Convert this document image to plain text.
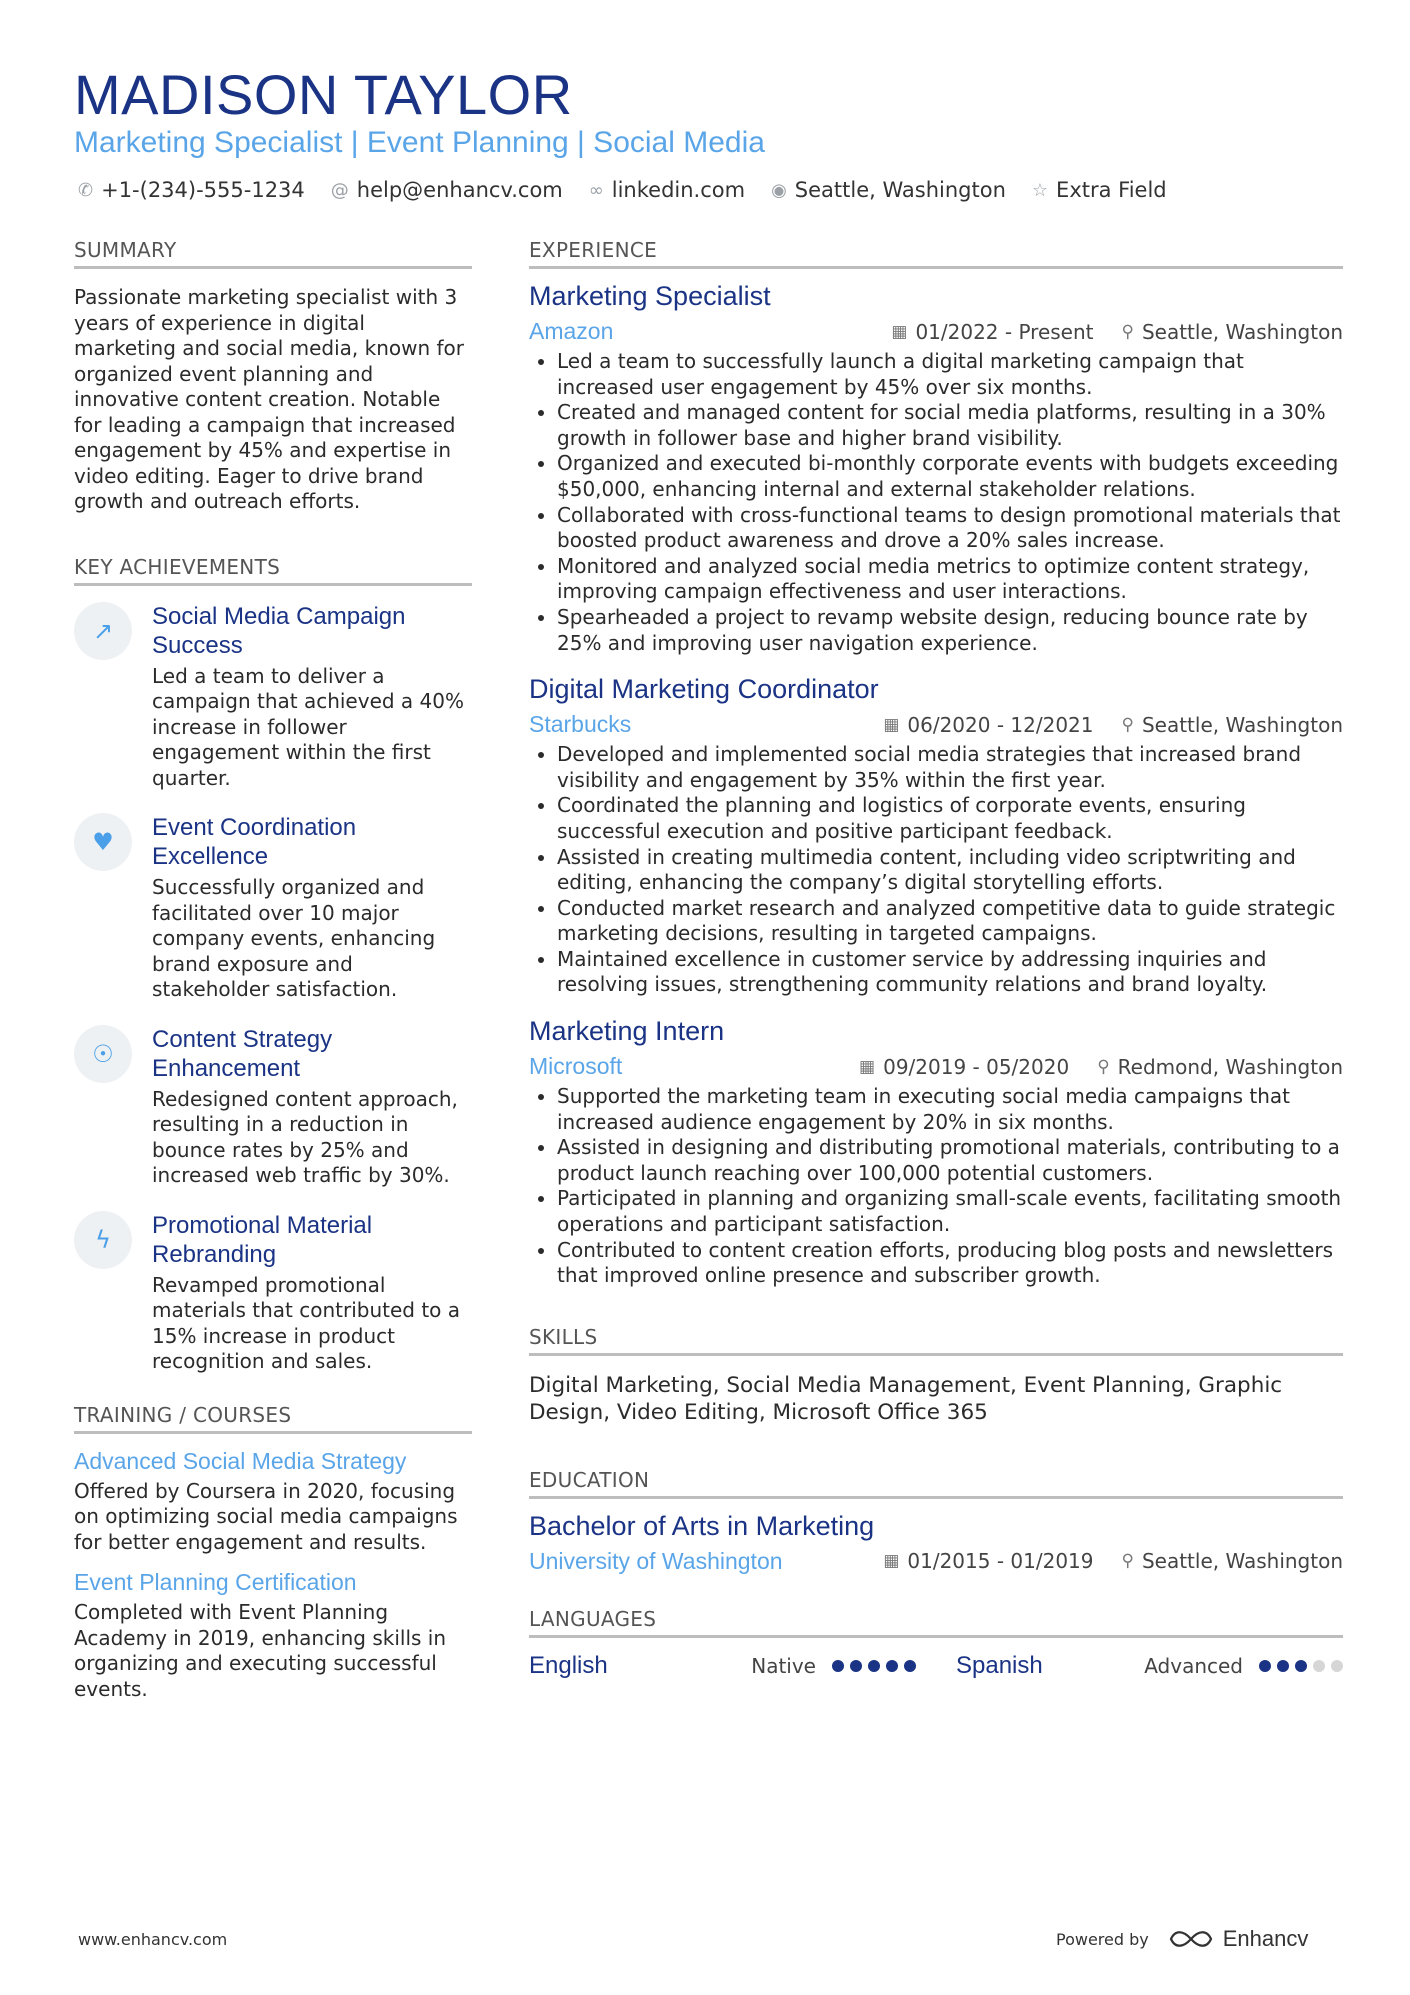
MADISON TAYLOR
Marketing Specialist | Event Planning | Social Media
✆ +1-(234)-555-1234 @ help@enhancv.com ∞ linkedin.com ◉ Seattle, Washington ☆ Extra Field
SUMMARY

Passionate marketing specialist with 3 years of experience in digital marketing and social media, known for organized event planning and innovative content creation. Notable for leading a campaign that increased engagement by 45% and expertise in video editing. Eager to drive brand growth and outreach efforts.

KEY ACHIEVEMENTS
↗
Social Media Campaign Success
Led a team to deliver a campaign that achieved a 40% increase in follower engagement within the first quarter.
♥
Event Coordination Excellence
Successfully organized and facilitated over 10 major company events, enhancing brand exposure and stakeholder satisfaction.
☉
Content Strategy Enhancement
Redesigned content approach, resulting in a reduction in bounce rates by 25% and increased web traffic by 30%.
ϟ
Promotional Material Rebranding
Revamped promotional materials that contributed to a 15% increase in product recognition and sales.
TRAINING / COURSES
Advanced Social Media Strategy
Offered by Coursera in 2020, focusing on optimizing social media campaigns for better engagement and results.
Event Planning Certification
Completed with Event Planning Academy in 2019, enhancing skills in organizing and executing successful events.
EXPERIENCE
Marketing Specialist
Amazon	▦ 01/2022 - Present ⚲ Seattle, Washington
• Led a team to successfully launch a digital marketing campaign that increased user engagement by 45% over six months.
• Created and managed content for social media platforms, resulting in a 30% growth in follower base and higher brand visibility.
• Organized and executed bi-monthly corporate events with budgets exceeding $50,000, enhancing internal and external stakeholder relations.
• Collaborated with cross-functional teams to design promotional materials that boosted product awareness and drove a 20% sales increase.
• Monitored and analyzed social media metrics to optimize content strategy, improving campaign effectiveness and user interactions.
• Spearheaded a project to revamp website design, reducing bounce rate by 25% and improving user navigation experience.
Digital Marketing Coordinator
Starbucks	▦ 06/2020 - 12/2021 ⚲ Seattle, Washington
• Developed and implemented social media strategies that increased brand visibility and engagement by 35% within the first year.
• Coordinated the planning and logistics of corporate events, ensuring successful execution and positive participant feedback.
• Assisted in creating multimedia content, including video scriptwriting and editing, enhancing the company’s digital storytelling efforts.
• Conducted market research and analyzed competitive data to guide strategic marketing decisions, resulting in targeted campaigns.
• Maintained excellence in customer service by addressing inquiries and resolving issues, strengthening community relations and brand loyalty.
Marketing Intern
Microsoft	▦ 09/2019 - 05/2020 ⚲ Redmond, Washington
• Supported the marketing team in executing social media campaigns that increased audience engagement by 20% in six months.
• Assisted in designing and distributing promotional materials, contributing to a product launch reaching over 100,000 potential customers.
• Participated in planning and organizing small-scale events, facilitating smooth operations and participant satisfaction.
• Contributed to content creation efforts, producing blog posts and newsletters that improved online presence and subscriber growth.
SKILLS
Digital Marketing, Social Media Management, Event Planning, Graphic Design, Video Editing, Microsoft Office 365
EDUCATION
Bachelor of Arts in Marketing
University of Washington	▦ 01/2015 - 01/2019 ⚲ Seattle, Washington
LANGUAGES
English	Native	Spanish	Advanced
www.enhancv.com	Powered by	Enhancv
